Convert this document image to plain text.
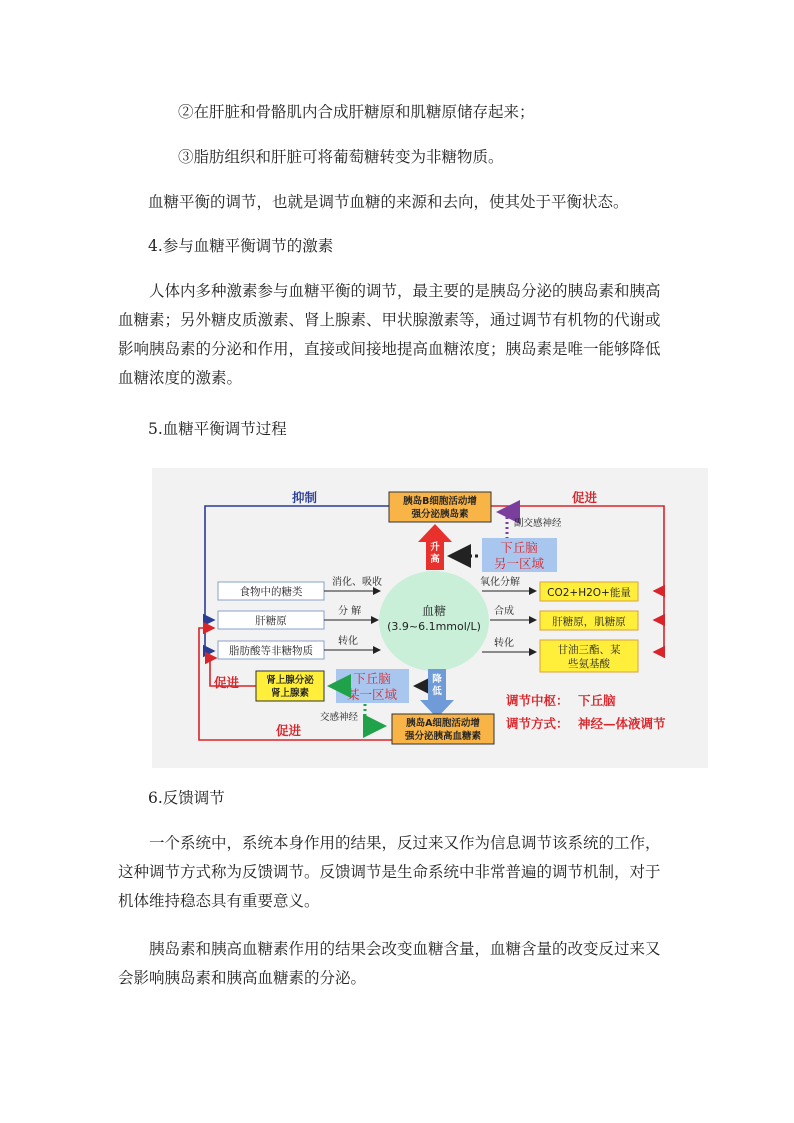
②在肝脏和骨骼肌内合成肝糖原和肌糖原储存起来；

③脂肪组织和肝脏可将葡萄糖转变为非糖物质。

血糖平衡的调节，也就是调节血糖的来源和去向，使其处于平衡状态。

4.参与血糖平衡调节的激素

人体内多种激素参与血糖平衡的调节，最主要的是胰岛分泌的胰岛素和胰高
血糖素；另外糖皮质激素、肾上腺素、甲状腺激素等，通过调节有机物的代谢或
影响胰岛素的分泌和作用，直接或间接地提高血糖浓度；胰岛素是唯一能够降低
血糖浓度的激素。

5.血糖平衡调节过程

抑制	促进
促进
促进
胰岛B细胞活动增
强分泌胰岛素
副交感神经
下丘脑
另一区域
升
高
食物中的糖类
肝糖原
脂肪酸等非糖物质
消化、吸收
分 解
转化
血糖
(3.9~6.1mmol/L)
氧化分解
合成
转化
CO2+H2O+能量
肝糖原，肌糖原
甘油三酯、某
些氨基酸
肾上腺分泌
肾上腺素
下丘脑
某一区域
降
低
交感神经
胰岛A细胞活动增
强分泌胰高血糖素
调节中枢： 下丘脑
调节方式： 神经—体液调节

6.反馈调节

一个系统中，系统本身作用的结果，反过来又作为信息调节该系统的工作，
这种调节方式称为反馈调节。反馈调节是生命系统中非常普遍的调节机制，对于
机体维持稳态具有重要意义。
胰岛素和胰高血糖素作用的结果会改变血糖含量，血糖含量的改变反过来又
会影响胰岛素和胰高血糖素的分泌。
